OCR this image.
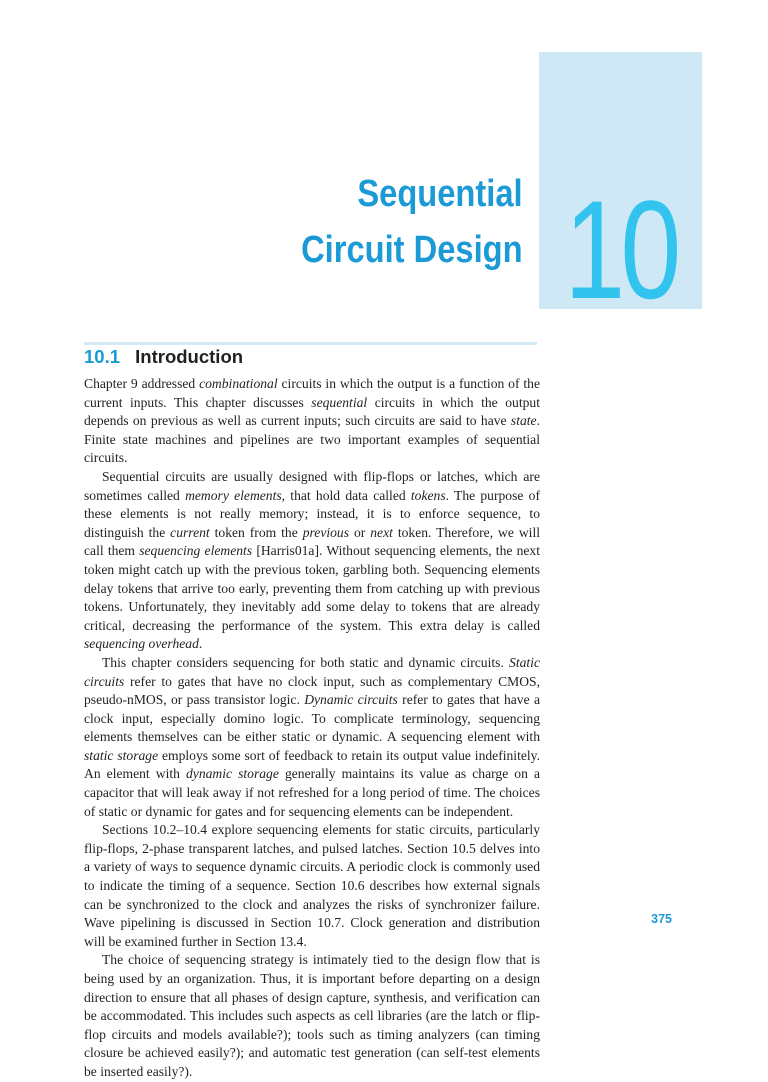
10
Sequential
Circuit Design
10.1 Introduction

Chapter 9 addressed combinational circuits in which the output is a function of the current inputs. This chapter discusses sequential circuits in which the output depends on previous as well as current inputs; such circuits are said to have state. Finite state machines and pipelines are two important examples of sequential circuits.

Sequential circuits are usually designed with flip-flops or latches, which are sometimes called memory elements, that hold data called tokens. The purpose of these elements is not really memory; instead, it is to enforce sequence, to distinguish the current token from the previous or next token. Therefore, we will call them sequencing elements [Harris01a]. Without sequencing elements, the next token might catch up with the previous token, garbling both. Sequencing elements delay tokens that arrive too early, preventing them from catching up with previous tokens. Unfortunately, they inevitably add some delay to tokens that are already critical, decreasing the performance of the system. This extra delay is called sequencing overhead.

This chapter considers sequencing for both static and dynamic circuits. Static circuits refer to gates that have no clock input, such as complementary CMOS, pseudo-nMOS, or pass transistor logic. Dynamic circuits refer to gates that have a clock input, especially domino logic. To complicate terminology, sequencing elements themselves can be either static or dynamic. A sequencing element with static storage employs some sort of feedback to retain its output value indefinitely. An element with dynamic storage generally maintains its value as charge on a capacitor that will leak away if not refreshed for a long period of time. The choices of static or dynamic for gates and for sequencing elements can be independent.

Sections 10.2–10.4 explore sequencing elements for static circuits, particularly flip-flops, 2-phase transparent latches, and pulsed latches. Section 10.5 delves into a variety of ways to sequence dynamic circuits. A periodic clock is commonly used to indicate the timing of a sequence. Section 10.6 describes how external signals can be synchronized to the clock and analyzes the risks of synchronizer failure. Wave pipelining is discussed in Section 10.7. Clock generation and distribution will be examined further in Section 13.4.

The choice of sequencing strategy is intimately tied to the design flow that is being used by an organization. Thus, it is important before departing on a design direction to ensure that all phases of design capture, synthesis, and verification can be accommodated. This includes such aspects as cell libraries (are the latch or flip-flop circuits and models available?); tools such as timing analyzers (can timing closure be achieved easily?); and automatic test generation (can self-test elements be inserted easily?).

375
